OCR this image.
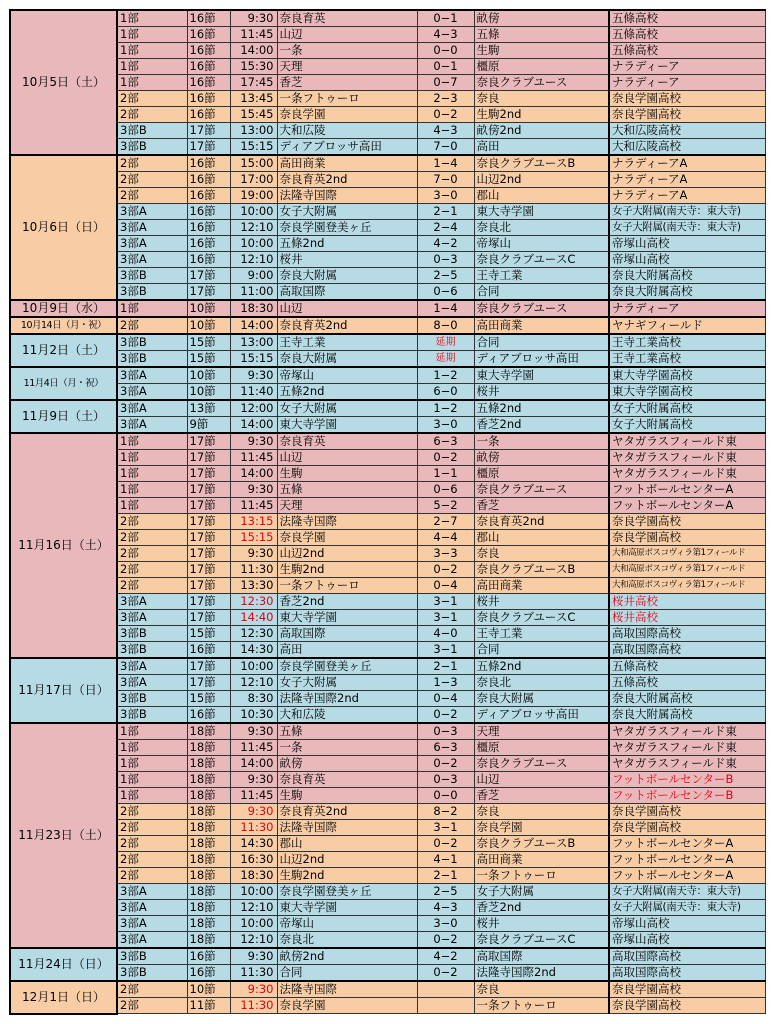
10月5日（土）	1部	16節	9:30	奈良育英	0−1	畝傍	五條高校
	1部	16節	11:45	山辺	4−3	五條	五條高校
	1部	16節	14:00	一条	0−0	生駒	五條高校
	1部	16節	15:30	天理	0−1	橿原	ナラディーア
	1部	16節	17:45	香芝	0−7	奈良クラブユース	ナラディーア
	2部	16節	13:45	一条フトゥーロ	2−3	奈良	奈良学園高校
	2部	16節	15:45	奈良学園	0−2	生駒2nd	奈良学園高校
	3部B	17節	13:00	大和広陵	4−3	畝傍2nd	大和広陵高校
	3部B	17節	15:15	ディアブロッサ高田	7−0	高田	大和広陵高校
10月6日（日）	2部	16節	15:00	高田商業	1−4	奈良クラブユースB	ナラディーアA
	2部	16節	17:00	奈良育英2nd	7−0	山辺2nd	ナラディーアA
	2部	16節	19:00	法隆寺国際	3−0	郡山	ナラディーアA
	3部A	16節	10:00	女子大附属	2−1	東大寺学園	女子大附属(南天寺：東大寺)
	3部A	16節	12:10	奈良学園登美ヶ丘	2−4	奈良北	女子大附属(南天寺：東大寺)
	3部A	16節	10:00	五條2nd	4−2	帝塚山	帝塚山高校
	3部A	16節	12:10	桜井	0−3	奈良クラブユースC	帝塚山高校
	3部B	17節	9:00	奈良大附属	2−5	王寺工業	奈良大附属高校
	3部B	17節	11:00	高取国際	0−6	合同	奈良大附属高校
10月9日（水）	1部	10節	18:30	山辺	1−4	奈良クラブユース	ナラディーア
10月14日（月・祝）	2部	10節	14:00	奈良育英2nd	8−0	高田商業	ヤナギフィールド
11月2日（土）	3部B	15節	13:00	王寺工業	延期	合同	王寺工業高校
	3部B	15節	15:15	奈良大附属	延期	ディアブロッサ高田	王寺工業高校
11月4日（月・祝）	3部A	10節	9:30	帝塚山	1−2	東大寺学園	東大寺学園高校
	3部A	10節	11:40	五條2nd	6−0	桜井	東大寺学園高校
11月9日（土）	3部A	13節	12:00	女子大附属	1−2	五條2nd	女子大附属高校
	3部A	9節	14:00	東大寺学園	3−0	香芝2nd	女子大附属高校
11月16日（土）	1部	17節	9:30	奈良育英	6−3	一条	ヤタガラスフィールド東
	1部	17節	11:45	山辺	0−2	畝傍	ヤタガラスフィールド東
	1部	17節	14:00	生駒	1−1	橿原	ヤタガラスフィールド東
	1部	17節	9:30	五條	0−6	奈良クラブユース	フットボールセンターA
	1部	17節	11:45	天理	5−2	香芝	フットボールセンターA
	2部	17節	13:15	法隆寺国際	2−7	奈良育英2nd	奈良学園高校
	2部	17節	15:15	奈良学園	4−4	郡山	奈良学園高校
	2部	17節	9:30	山辺2nd	3−3	奈良	大和高原ボスコヴィラ第1フィールド
	2部	17節	11:30	生駒2nd	0−2	奈良クラブユースB	大和高原ボスコヴィラ第1フィールド
	2部	17節	13:30	一条フトゥーロ	0−4	高田商業	大和高原ボスコヴィラ第1フィールド
	3部A	17節	12:30	香芝2nd	3−1	桜井	桜井高校
	3部A	17節	14:40	東大寺学園	3−1	奈良クラブユースC	桜井高校
	3部B	15節	12:30	高取国際	4−0	王寺工業	高取国際高校
	3部B	16節	14:30	高田	3−1	合同	高取国際高校
11月17日（日）	3部A	17節	10:00	奈良学園登美ヶ丘	2−1	五條2nd	五條高校
	3部A	17節	12:10	女子大附属	1−3	奈良北	五條高校
	3部B	15節	8:30	法隆寺国際2nd	0−4	奈良大附属	奈良大附属高校
	3部B	16節	10:30	大和広陵	0−2	ディアブロッサ高田	奈良大附属高校
11月23日（土）	1部	18節	9:30	五條	0−3	天理	ヤタガラスフィールド東
	1部	18節	11:45	一条	6−3	橿原	ヤタガラスフィールド東
	1部	18節	14:00	畝傍	0−2	奈良クラブユース	ヤタガラスフィールド東
	1部	18節	9:30	奈良育英	0−3	山辺	フットボールセンターB
	1部	18節	11:45	生駒	0−0	香芝	フットボールセンターB
	2部	18節	9:30	奈良育英2nd	8−2	奈良	奈良学園高校
	2部	18節	11:30	法隆寺国際	3−1	奈良学園	奈良学園高校
	2部	18節	14:30	郡山	0−2	奈良クラブユースB	フットボールセンターA
	2部	18節	16:30	山辺2nd	4−1	高田商業	フットボールセンターA
	2部	18節	18:30	生駒2nd	2−1	一条フトゥーロ	フットボールセンターA
	3部A	18節	10:00	奈良学園登美ヶ丘	2−5	女子大附属	女子大附属(南天寺：東大寺)
	3部A	18節	12:10	東大寺学園	4−3	香芝2nd	女子大附属(南天寺：東大寺)
	3部A	18節	10:00	帝塚山	3−0	桜井	帝塚山高校
	3部A	18節	12:10	奈良北	0−2	奈良クラブユースC	帝塚山高校
11月24日（日）	3部B	16節	9:30	畝傍2nd	4−2	高取国際	高取国際高校
	3部B	16節	11:30	合同	0−2	法隆寺国際2nd	高取国際高校
12月1日（日）	2部	10節	9:30	法隆寺国際		奈良	奈良学園高校
	2部	11節	11:30	奈良学園		一条フトゥーロ	奈良学園高校
